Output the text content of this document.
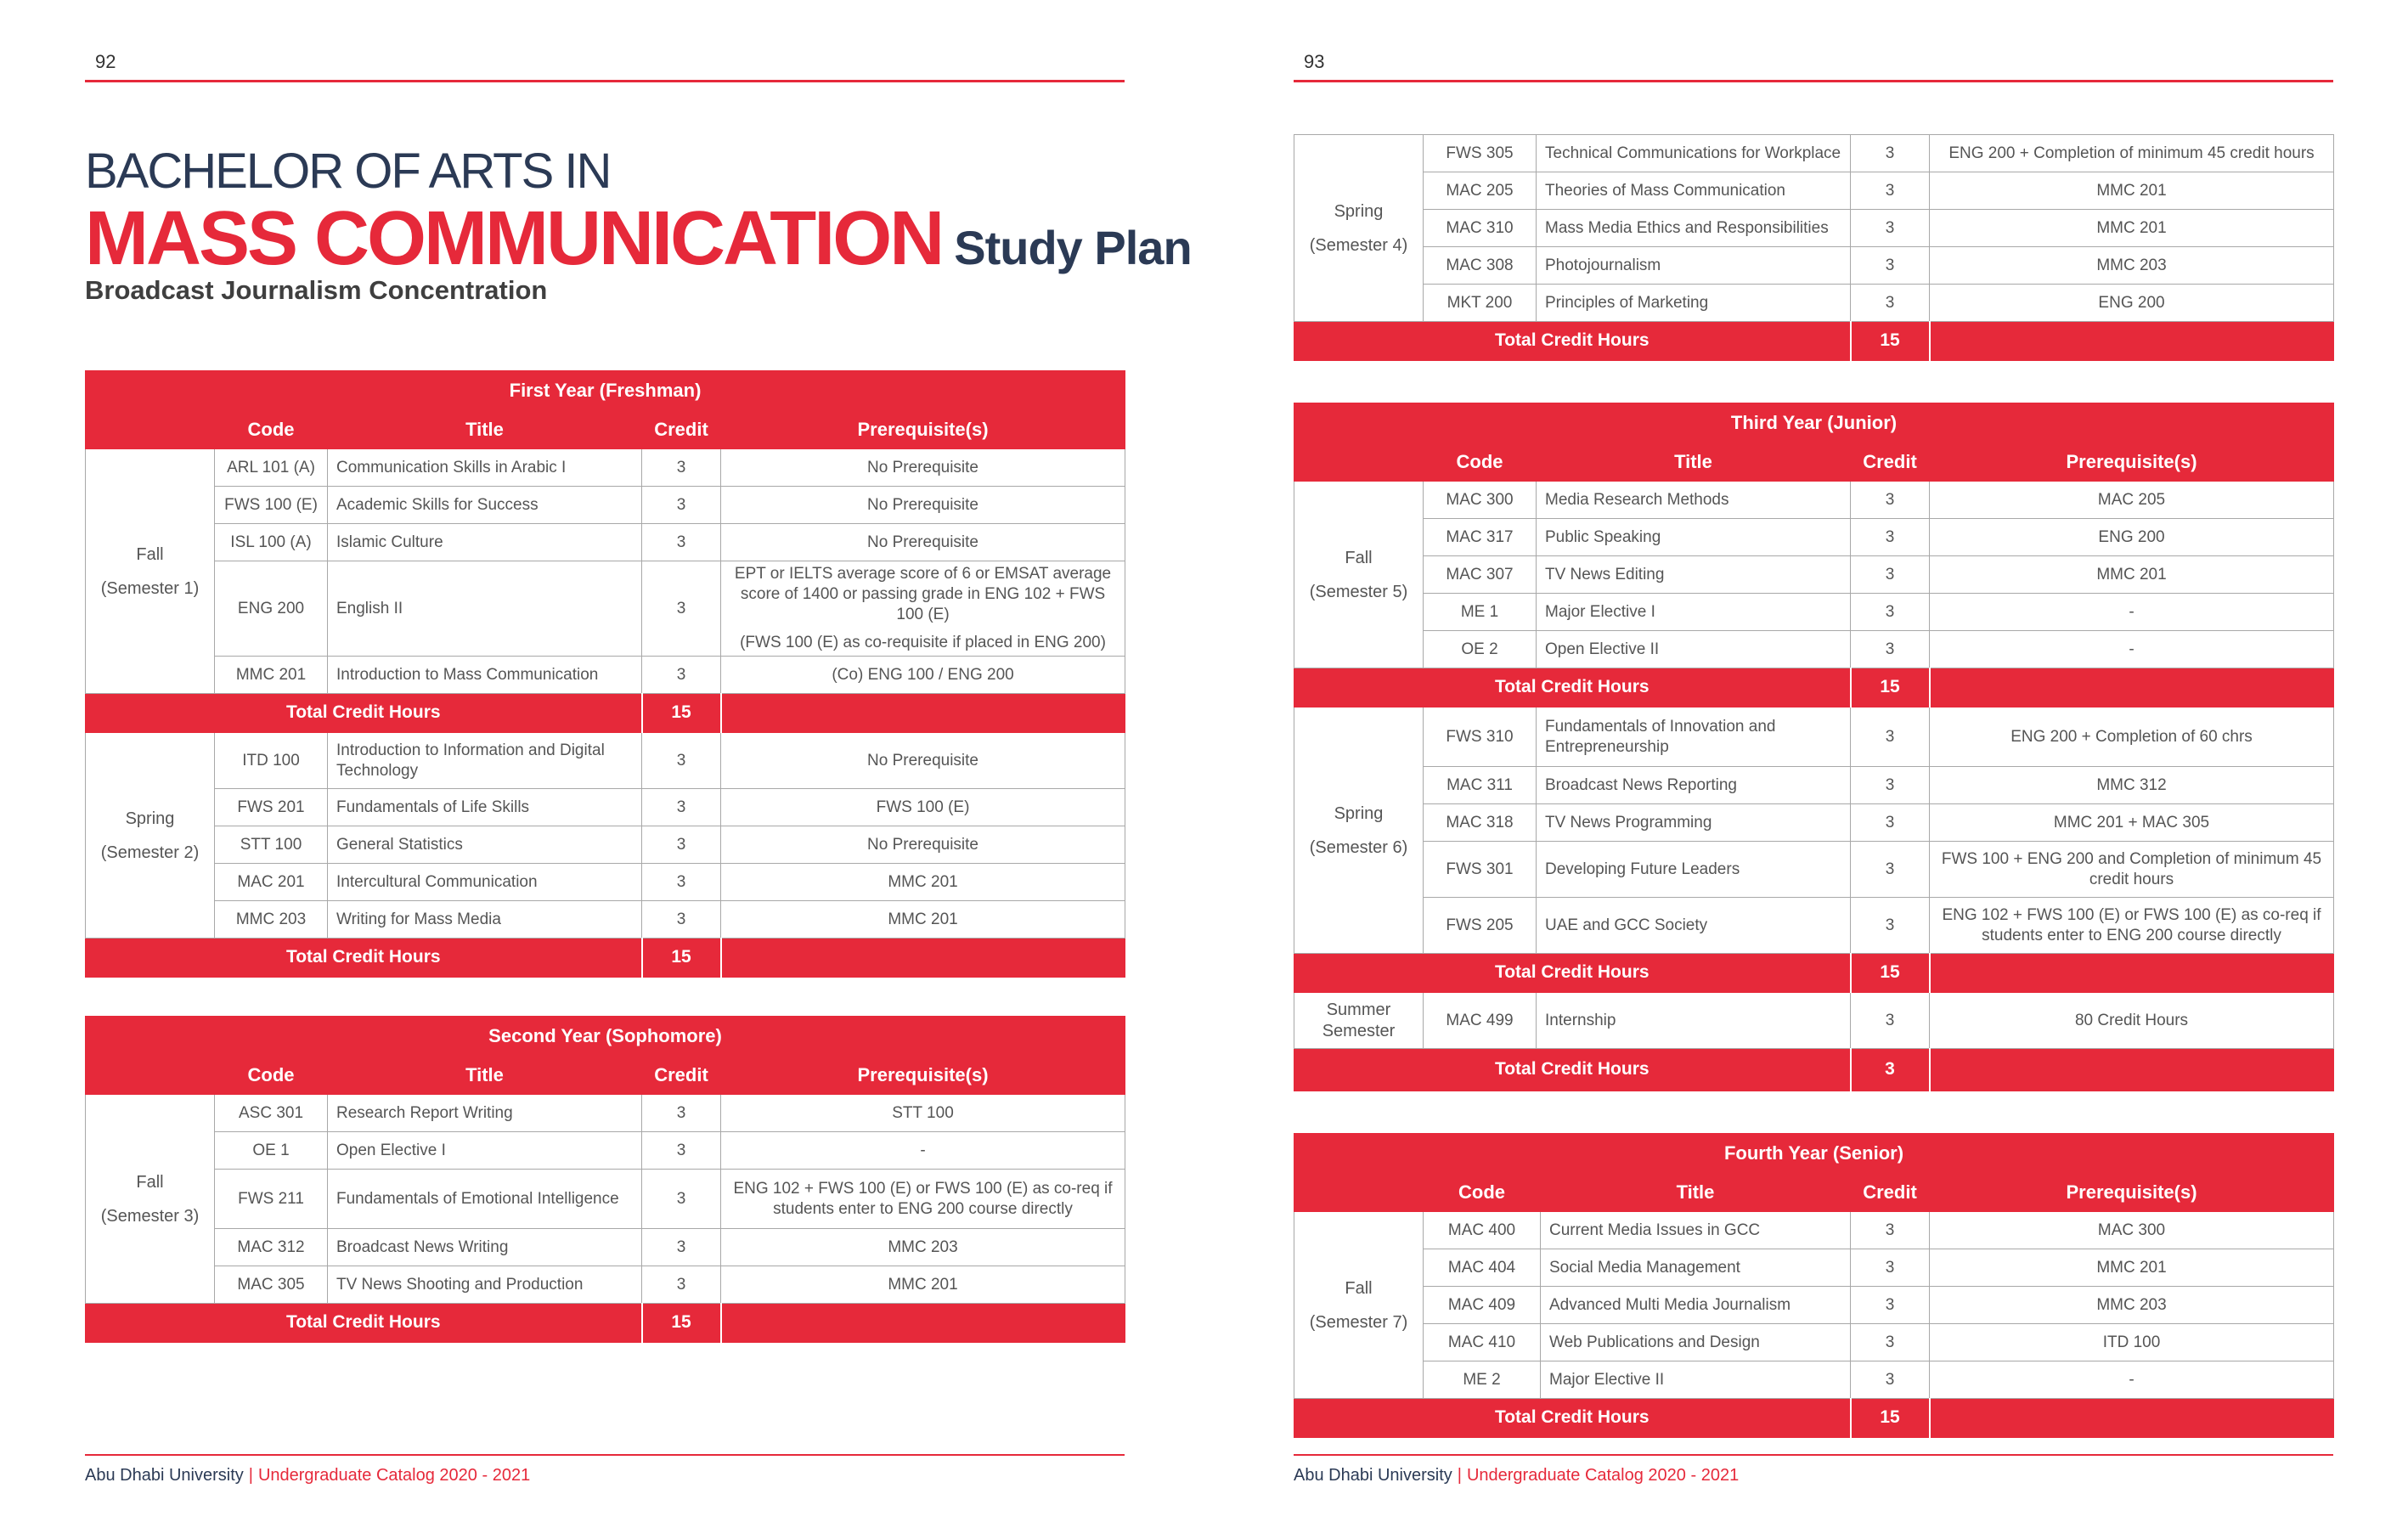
92
BACHELOR OF ARTS IN
MASS COMMUNICATION Study Plan
Broadcast Journalism Concentration
First Year (Freshman)				
	Code	Title	Credit	Prerequisite(s)
Fall
(Semester 1)	ARL 101 (A)	Communication Skills in Arabic I	3	No Prerequisite
	FWS 100 (E)	Academic Skills for Success	3	No Prerequisite
	ISL 100 (A)	Islamic Culture	3	No Prerequisite
	ENG 200	English II	3	EPT or IELTS average score of 6 or EMSAT average score of 1400 or passing grade in ENG 102 + FWS 100 (E)
(FWS 100 (E) as co-requisite if placed in ENG 200)

	MMC 201	Introduction to Mass Communication	3	(Co) ENG 100 / ENG 200
Total Credit Hours			15	
Spring
(Semester 2)	ITD 100	Introduction to Information and Digital Technology	3	No Prerequisite
	FWS 201	Fundamentals of Life Skills	3	FWS 100 (E)
	STT 100	General Statistics	3	No Prerequisite
	MAC 201	Intercultural Communication	3	MMC 201
	MMC 203	Writing for Mass Media	3	MMC 201
Total Credit Hours			15	
Second Year (Sophomore)				
	Code	Title	Credit	Prerequisite(s)
Fall
(Semester 3)	ASC 301	Research Report Writing	3	STT 100
	OE 1	Open Elective I	3	-
	FWS 211	Fundamentals of Emotional Intelligence	3	ENG 102 + FWS 100 (E) or FWS 100 (E) as co-req if students enter to ENG 200 course directly
	MAC 312	Broadcast News Writing	3	MMC 203
	MAC 305	TV News Shooting and Production	3	MMC 201
Total Credit Hours			15	
Abu Dhabi University | Undergraduate Catalog 2020 - 2021
93
Spring
(Semester 4)	FWS 305	Technical Communications for Workplace	3	ENG 200 + Completion of minimum 45 credit hours
	MAC 205	Theories of Mass Communication	3	MMC 201
	MAC 310	Mass Media Ethics and Responsibilities	3	MMC 201
	MAC 308	Photojournalism	3	MMC 203
	MKT 200	Principles of Marketing	3	ENG 200
Total Credit Hours			15	
Third Year (Junior)				
	Code	Title	Credit	Prerequisite(s)
Fall
(Semester 5)	MAC 300	Media Research Methods	3	MAC 205
	MAC 317	Public Speaking	3	ENG 200
	MAC 307	TV News Editing	3	MMC 201
	ME 1	Major Elective I	3	-
	OE 2	Open Elective II	3	-
Total Credit Hours			15	
Spring
(Semester 6)	FWS 310	Fundamentals of Innovation and Entrepreneurship	3	ENG 200 + Completion of 60 chrs
	MAC 311	Broadcast News Reporting	3	MMC 312
	MAC 318	TV News Programming	3	MMC 201 + MAC 305
	FWS 301	Developing Future Leaders	3	FWS 100 + ENG 200 and Completion of minimum 45 credit hours
	FWS 205	UAE and GCC Society	3	ENG 102 + FWS 100 (E) or FWS 100 (E) as co-req if students enter to ENG 200 course directly
Total Credit Hours			15	
Summer Semester	MAC 499	Internship	3	80 Credit Hours
Total Credit Hours			3	
Fourth Year (Senior)				
	Code	Title	Credit	Prerequisite(s)
Fall
(Semester 7)	MAC 400	Current Media Issues in GCC	3	MAC 300
	MAC 404	Social Media Management	3	MMC 201
	MAC 409	Advanced Multi Media Journalism	3	MMC 203
	MAC 410	Web Publications and Design	3	ITD 100
	ME 2	Major Elective II	3	-
Total Credit Hours			15	
Abu Dhabi University | Undergraduate Catalog 2020 - 2021
